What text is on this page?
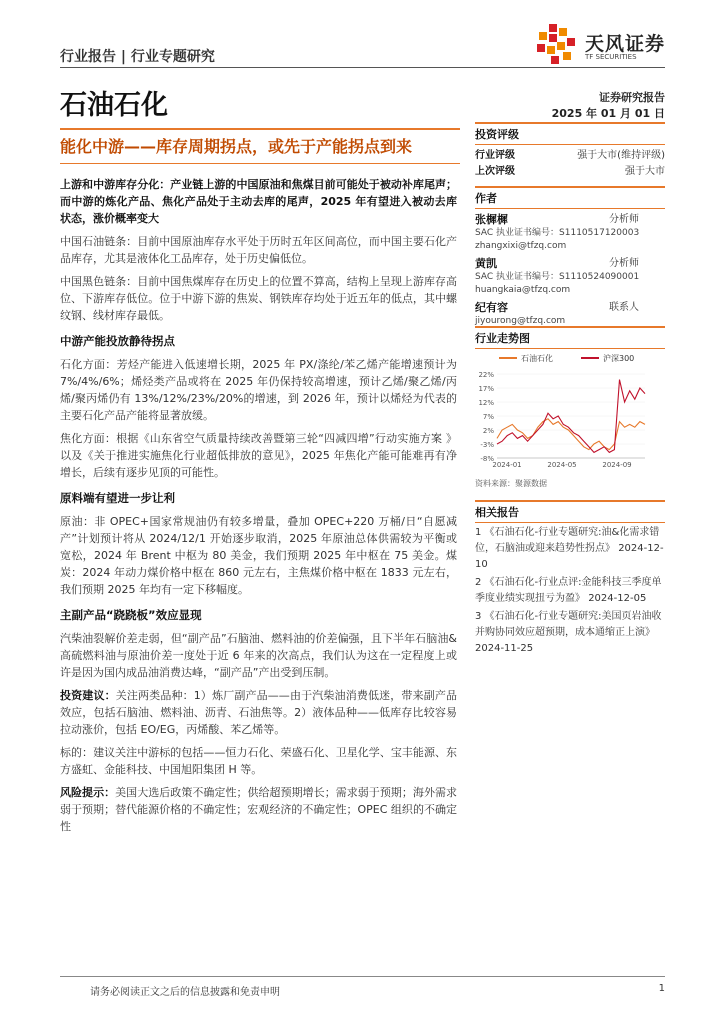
行业报告 | 行业专题研究
天风证券
TF SECURITIES
石油石化	证券研究报告
2025 年 01 月 01 日
能化中游——库存周期拐点，或先于产能拐点到来

上游和中游库存分化：产业链上游的中国原油和焦煤目前可能处于被动补库尾声；而中游的炼化产品、焦化产品处于主动去库的尾声，2025 年有望进入被动去库状态，涨价概率变大

中国石油链条：目前中国原油库存水平处于历时五年区间高位，而中国主要石化产品库存，尤其是液体化工品库存，处于历史偏低位。

中国黑色链条：目前中国焦煤库存在历史上的位置不算高，结构上呈现上游库存高位、下游库存低位。位于中游下游的焦炭、钢铁库存均处于近五年的低点，其中螺纹钢、线材库存最低。

中游产能投放静待拐点

石化方面：芳烃产能进入低速增长期，2025 年 PX/涤纶/苯乙烯产能增速预计为 7%/4%/6%；烯烃类产品或将在 2025 年仍保持较高增速，预计乙烯/聚乙烯/丙烯/聚丙烯仍有 13%/12%/23%/20%的增速，到 2026 年，预计以烯烃为代表的主要石化产品产能将显著放缓。

焦化方面：根据《山东省空气质量持续改善暨第三轮“四减四增”行动实施方案 》以及《关于推进实施焦化行业超低排放的意见》，2025 年焦化产能可能难再有净增长，后续有逐步见顶的可能性。

原料端有望进一步让利

原油：非 OPEC+国家常规油仍有较多增量，叠加 OPEC+220 万桶/日“自愿减产”计划预计将从 2024/12/1 开始逐步取消，2025 年原油总体供需较为平衡或宽松，2024 年 Brent 中枢为 80 美金，我们预期 2025 年中枢在 75 美金。煤炭：2024 年动力煤价格中枢在 860 元左右，主焦煤价格中枢在 1833 元左右，我们预期 2025 年均有一定下移幅度。

主副产品“跷跷板”效应显现

汽柴油裂解价差走弱，但“副产品”石脑油、燃料油的价差偏强，且下半年石脑油&高硫燃料油与原油价差一度处于近 6 年来的次高点，我们认为这在一定程度上或许是因为国内成品油消费达峰，“副产品”产出受到压制。

投资建议：关注两类品种：1）炼厂副产品——由于汽柴油消费低迷，带来副产品效应，包括石脑油、燃料油、沥青、石油焦等。2）液体品种——低库存比较容易拉动涨价，包括 EO/EG，丙烯酸、苯乙烯等。

标的：建议关注中游标的包括——恒力石化、荣盛石化、卫星化学、宝丰能源、东方盛虹、金能科技、中国旭阳集团 H 等。

风险提示：美国大选后政策不确定性；供给超预期增长；需求弱于预期；海外需求弱于预期；替代能源价格的不确定性；宏观经济的不确定性；OPEC 组织的不确定性

投资评级
行业评级	强于大市(维持评级)
上次评级	强于大市
作者
张樨樨	分析师
SAC 执业证书编号：S1110517120003
zhangxixi@tfzq.com
黄凯	分析师
SAC 执业证书编号：S1110524090001
huangkaia@tfzq.com
纪有容	联系人
jiyourong@tfzq.com
行业走势图
石油石化	沪深300
22%
17%
12%
7%
2%
-3%
-8%
2024-01	2024-05	2024-09
资料来源：聚源数据
相关报告
1 《石油石化-行业专题研究:油&化需求错位，石脑油或迎来趋势性拐点》 2024-12-10
2 《石油石化-行业点评:金能科技三季度单季度业绩实现扭亏为盈》 2024-12-05
3 《石油石化-行业专题研究:美国页岩油收并购协同效应超预期，成本通缩正上演》 2024-11-25
请务必阅读正文之后的信息披露和免责申明	1
